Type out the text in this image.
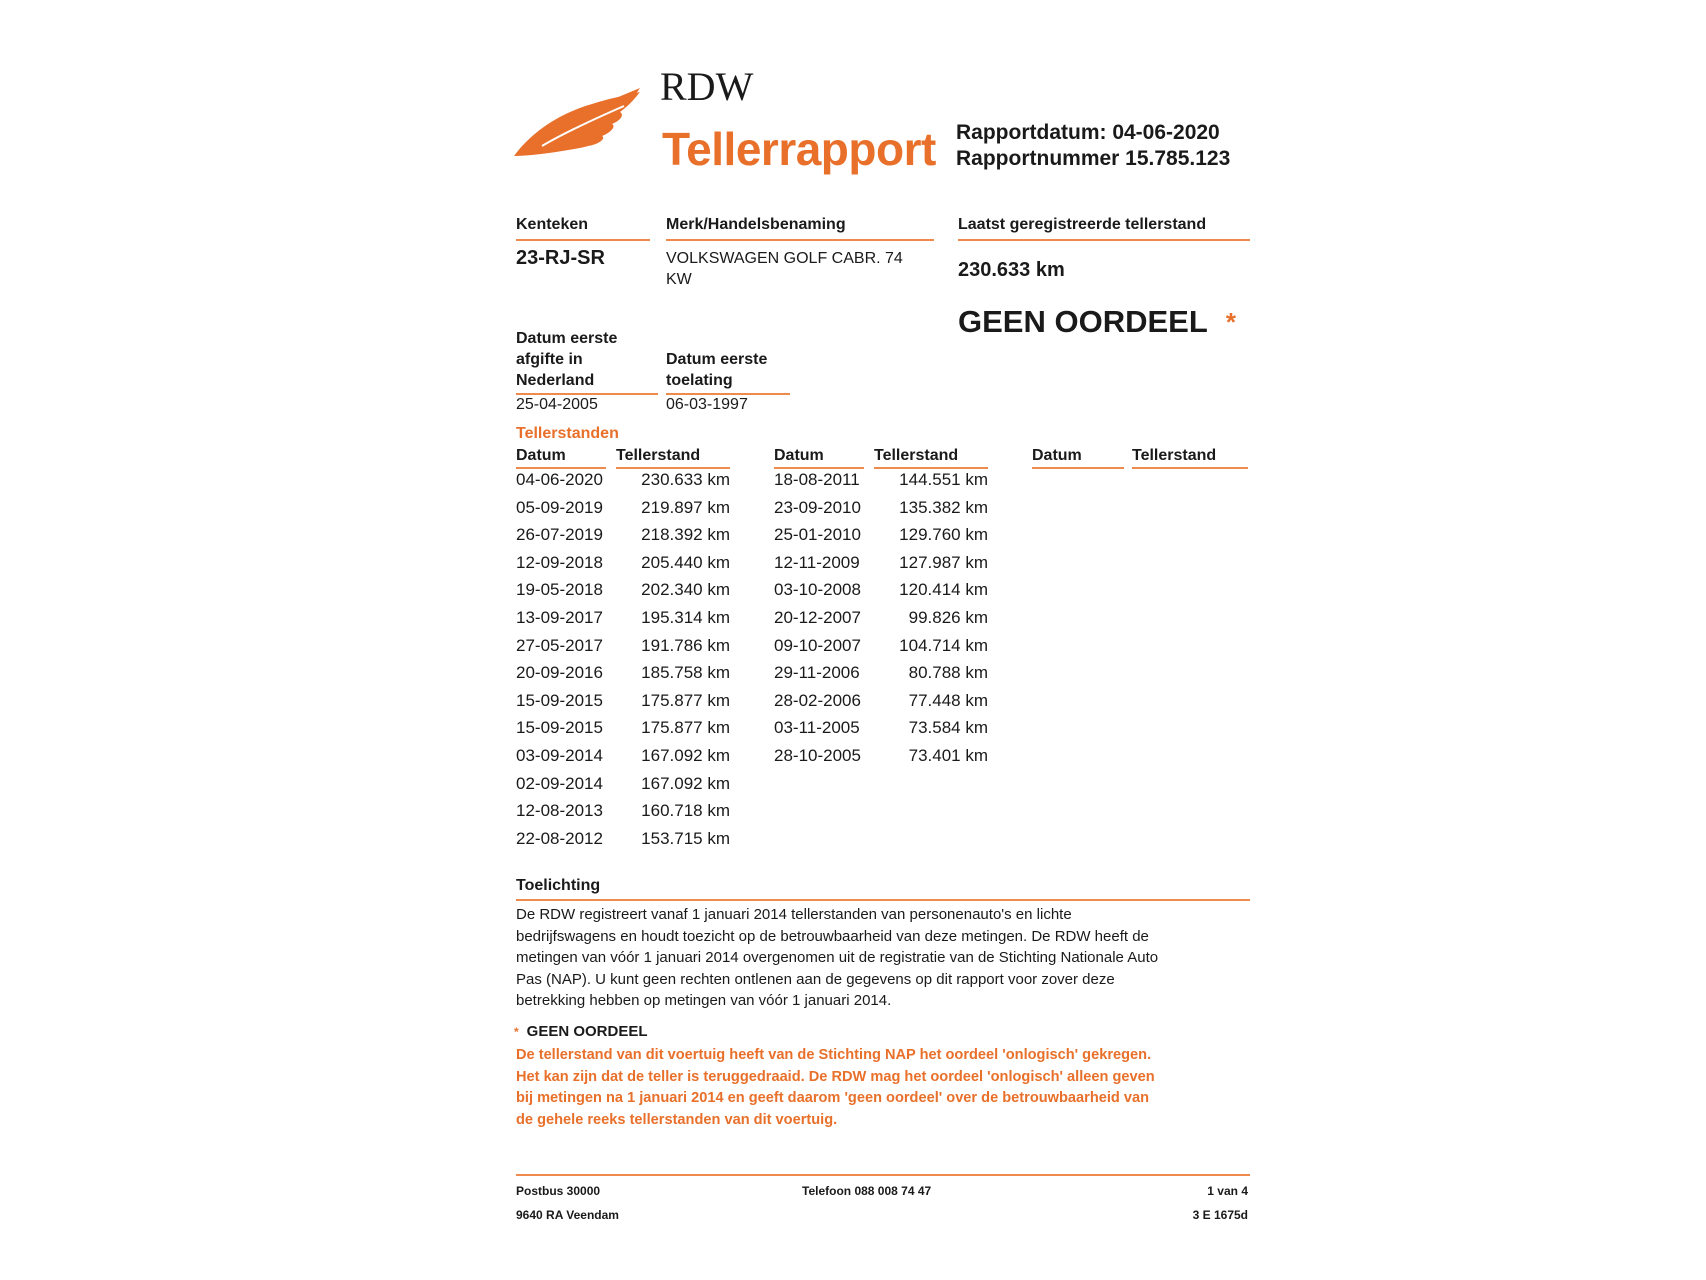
RDW
Tellerrapport Rapportdatum: 04-06-2020
Rapportnummer 15.785.123
Kenteken
23-RJ-SR
Merk/Handelsbenaming
VOLKSWAGEN GOLF CABR. 74
KW
Laatst geregistreerde tellerstand
230.633 km
GEEN OORDEEL *
Datum eerste
afgifte in
Nederland
25-04-2005
Datum eerste
toelating
06-03-1997
Tellerstanden
Datum	Tellerstand	Datum	Tellerstand	Datum	Tellerstand
04-06-2020	230.633 km
05-09-2019	219.897 km
26-07-2019	218.392 km
12-09-2018	205.440 km
19-05-2018	202.340 km
13-09-2017	195.314 km
27-05-2017	191.786 km
20-09-2016	185.758 km
15-09-2015	175.877 km
15-09-2015	175.877 km
03-09-2014	167.092 km
02-09-2014	167.092 km
12-08-2013	160.718 km
22-08-2012	153.715 km
18-08-2011	144.551 km
23-09-2010	135.382 km
25-01-2010	129.760 km
12-11-2009	127.987 km
03-10-2008	120.414 km
20-12-2007	99.826 km
09-10-2007	104.714 km
29-11-2006	80.788 km
28-02-2006	77.448 km
03-11-2005	73.584 km
28-10-2005	73.401 km
Toelichting
De RDW registreert vanaf 1 januari 2014 tellerstanden van personenauto's en lichte
bedrijfswagens en houdt toezicht op de betrouwbaarheid van deze metingen. De RDW heeft de
metingen van vóór 1 januari 2014 overgenomen uit de registratie van de Stichting Nationale Auto
Pas (NAP). U kunt geen rechten ontlenen aan de gegevens op dit rapport voor zover deze
betrekking hebben op metingen van vóór 1 januari 2014.
* GEEN OORDEEL
De tellerstand van dit voertuig heeft van de Stichting NAP het oordeel 'onlogisch' gekregen.
Het kan zijn dat de teller is teruggedraaid. De RDW mag het oordeel 'onlogisch' alleen geven
bij metingen na 1 januari 2014 en geeft daarom 'geen oordeel' over de betrouwbaarheid van
de gehele reeks tellerstanden van dit voertuig.
Postbus 30000
9640 RA Veendam
Telefoon 088 008 74 47	1 van 4
3 E 1675d
